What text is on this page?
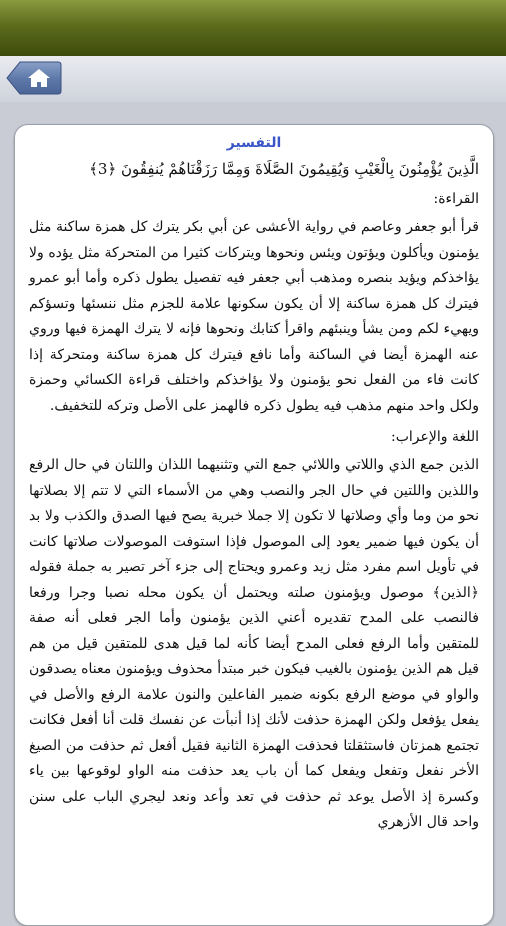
التفسير
الَّذِينَ يُؤْمِنُونَ بِالْغَيْبِ وَيُقِيمُونَ الصَّلَاةَ وَمِمَّا رَزَقْنَاهُمْ يُنفِقُونَ ﴿3﴾
القراءة:
قرأ أبو جعفر وعاصم في رواية الأعشى عن أبي بكر يترك كل همزة ساكنة مثل يؤمنون ويأكلون ويؤتون ويئس ونحوها ويتركات كثيرا من المتحركة مثل يؤده ولا يؤاخذكم ويؤيد بنصره ومذهب أبي جعفر فيه تفصيل يطول ذكره وأما أبو عمرو فيترك كل همزة ساكنة إلا أن يكون سكونها علامة للجزم مثل ننسئها وتسؤكم ويهيء لكم ومن يشأ وينبئهم واقرأ كتابك ونحوها فإنه لا يترك الهمزة فيها وروي عنه الهمزة أيضا في الساكنة وأما نافع فيترك كل همزة ساكنة ومتحركة إذا كانت فاء من الفعل نحو يؤمنون ولا يؤاخذكم واختلف قراءة الكسائي وحمزة ولكل واحد منهم مذهب فيه يطول ذكره فالهمز على الأصل وتركه للتخفيف.
اللغة والإعراب:
الذين جمع الذي واللاتي واللائي جمع التي وتثنيهما اللذان واللتان في حال الرفع واللذين واللتين في حال الجر والنصب وهي من الأسماء التي لا تتم إلا بصلاتها نحو من وما وأي وصلاتها لا تكون إلا جملا خبرية يصح فيها الصدق والكذب ولا بد أن يكون فيها ضمير يعود إلى الموصول فإذا استوفت الموصولات صلاتها كانت في تأويل اسم مفرد مثل زيد وعمرو ويحتاج إلى جزء آخر تصير به جملة فقوله ﴿الذين﴾ موصول ويؤمنون صلته ويحتمل أن يكون محله نصبا وجرا ورفعا فالنصب على المدح تقديره أعني الذين يؤمنون وأما الجر فعلى أنه صفة للمتقين وأما الرفع فعلى المدح أيضا كأنه لما قيل هدى للمتقين قيل من هم قيل هم الذين يؤمنون بالغيب فيكون خبر مبتدأ محذوف ويؤمنون معناه يصدقون والواو في موضع الرفع بكونه ضمير الفاعلين والنون علامة الرفع والأصل في يفعل يؤفعل ولكن الهمزة حذفت لأنك إذا أنبأت عن نفسك قلت أنا أفعل فكانت تجتمع همزتان فاستثقلتا فحذفت الهمزة الثانية فقيل أفعل ثم حذفت من الصيغ الأخر نفعل وتفعل ويفعل كما أن باب يعد حذفت منه الواو لوقوعها بين ياء وكسرة إذ الأصل يوعد ثم حذفت في تعد وأعد ونعد ليجري الباب على سنن واحد قال الأزهري
